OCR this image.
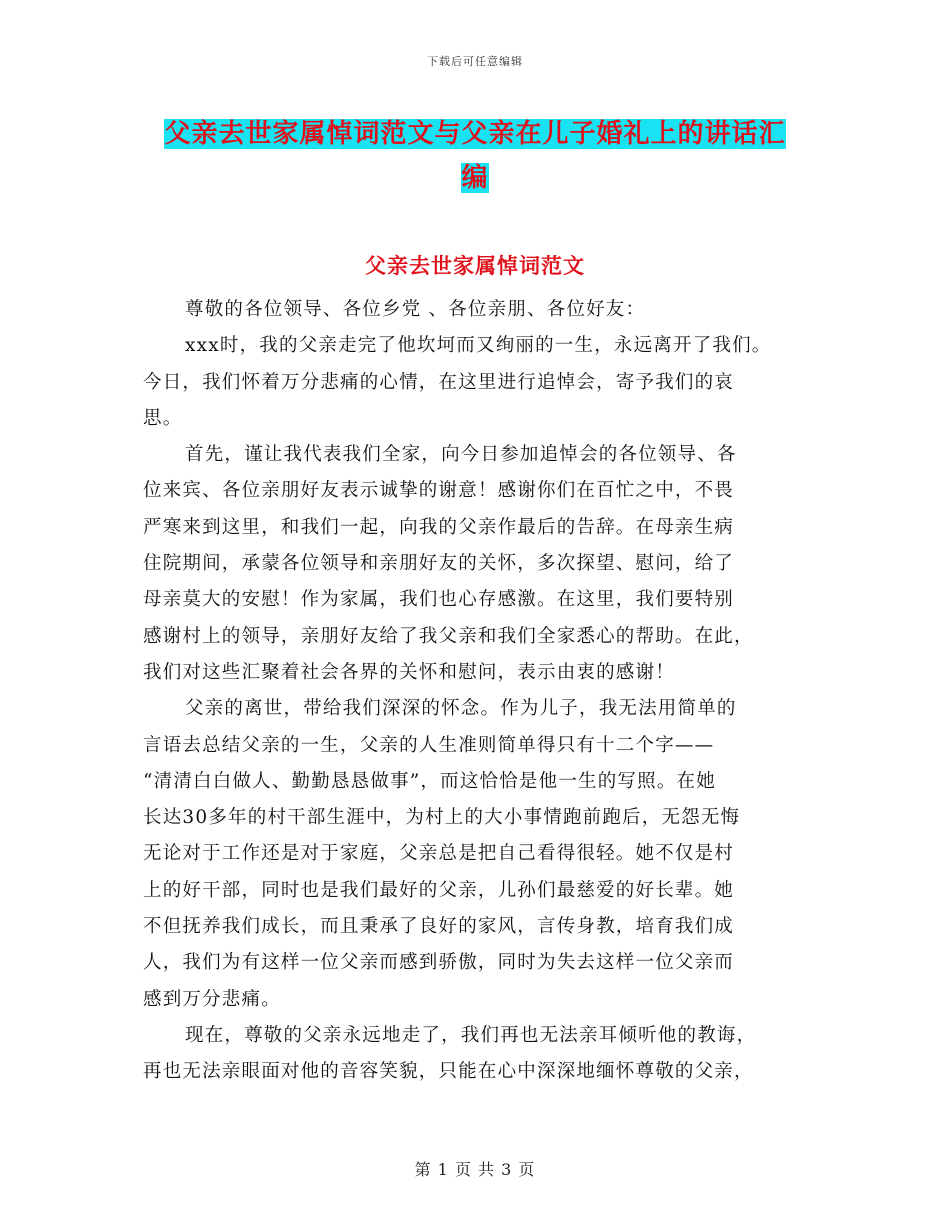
下载后可任意编辑
父亲去世家属悼词范文与父亲在儿子婚礼上的讲话汇
编
父亲去世家属悼词范文
尊敬的各位领导、各位乡党 、各位亲朋、各位好友：
xxx时，我的父亲走完了他坎坷而又绚丽的一生，永远离开了我们。
今日，我们怀着万分悲痛的心情，在这里进行追悼会，寄予我们的哀
思。
首先，谨让我代表我们全家，向今日参加追悼会的各位领导、各
位来宾、各位亲朋好友表示诚挚的谢意！感谢你们在百忙之中，不畏
严寒来到这里，和我们一起，向我的父亲作最后的告辞。在母亲生病
住院期间，承蒙各位领导和亲朋好友的关怀，多次探望、慰问，给了
母亲莫大的安慰！作为家属，我们也心存感激。在这里，我们要特别
感谢村上的领导，亲朋好友给了我父亲和我们全家悉心的帮助。在此，
我们对这些汇聚着社会各界的关怀和慰问，表示由衷的感谢！
父亲的离世，带给我们深深的怀念。作为儿子，我无法用简单的
言语去总结父亲的一生，父亲的人生准则简单得只有十二个字——
“清清白白做人、勤勤恳恳做事”，而这恰恰是他一生的写照。在她
长达30多年的村干部生涯中，为村上的大小事情跑前跑后，无怨无悔
无论对于工作还是对于家庭，父亲总是把自己看得很轻。她不仅是村
上的好干部，同时也是我们最好的父亲，儿孙们最慈爱的好长辈。她
不但抚养我们成长，而且秉承了良好的家风，言传身教，培育我们成
人，我们为有这样一位父亲而感到骄傲，同时为失去这样一位父亲而
感到万分悲痛。
现在，尊敬的父亲永远地走了，我们再也无法亲耳倾听他的教诲，
再也无法亲眼面对他的音容笑貌，只能在心中深深地缅怀尊敬的父亲，
第 1 页 共 3 页
